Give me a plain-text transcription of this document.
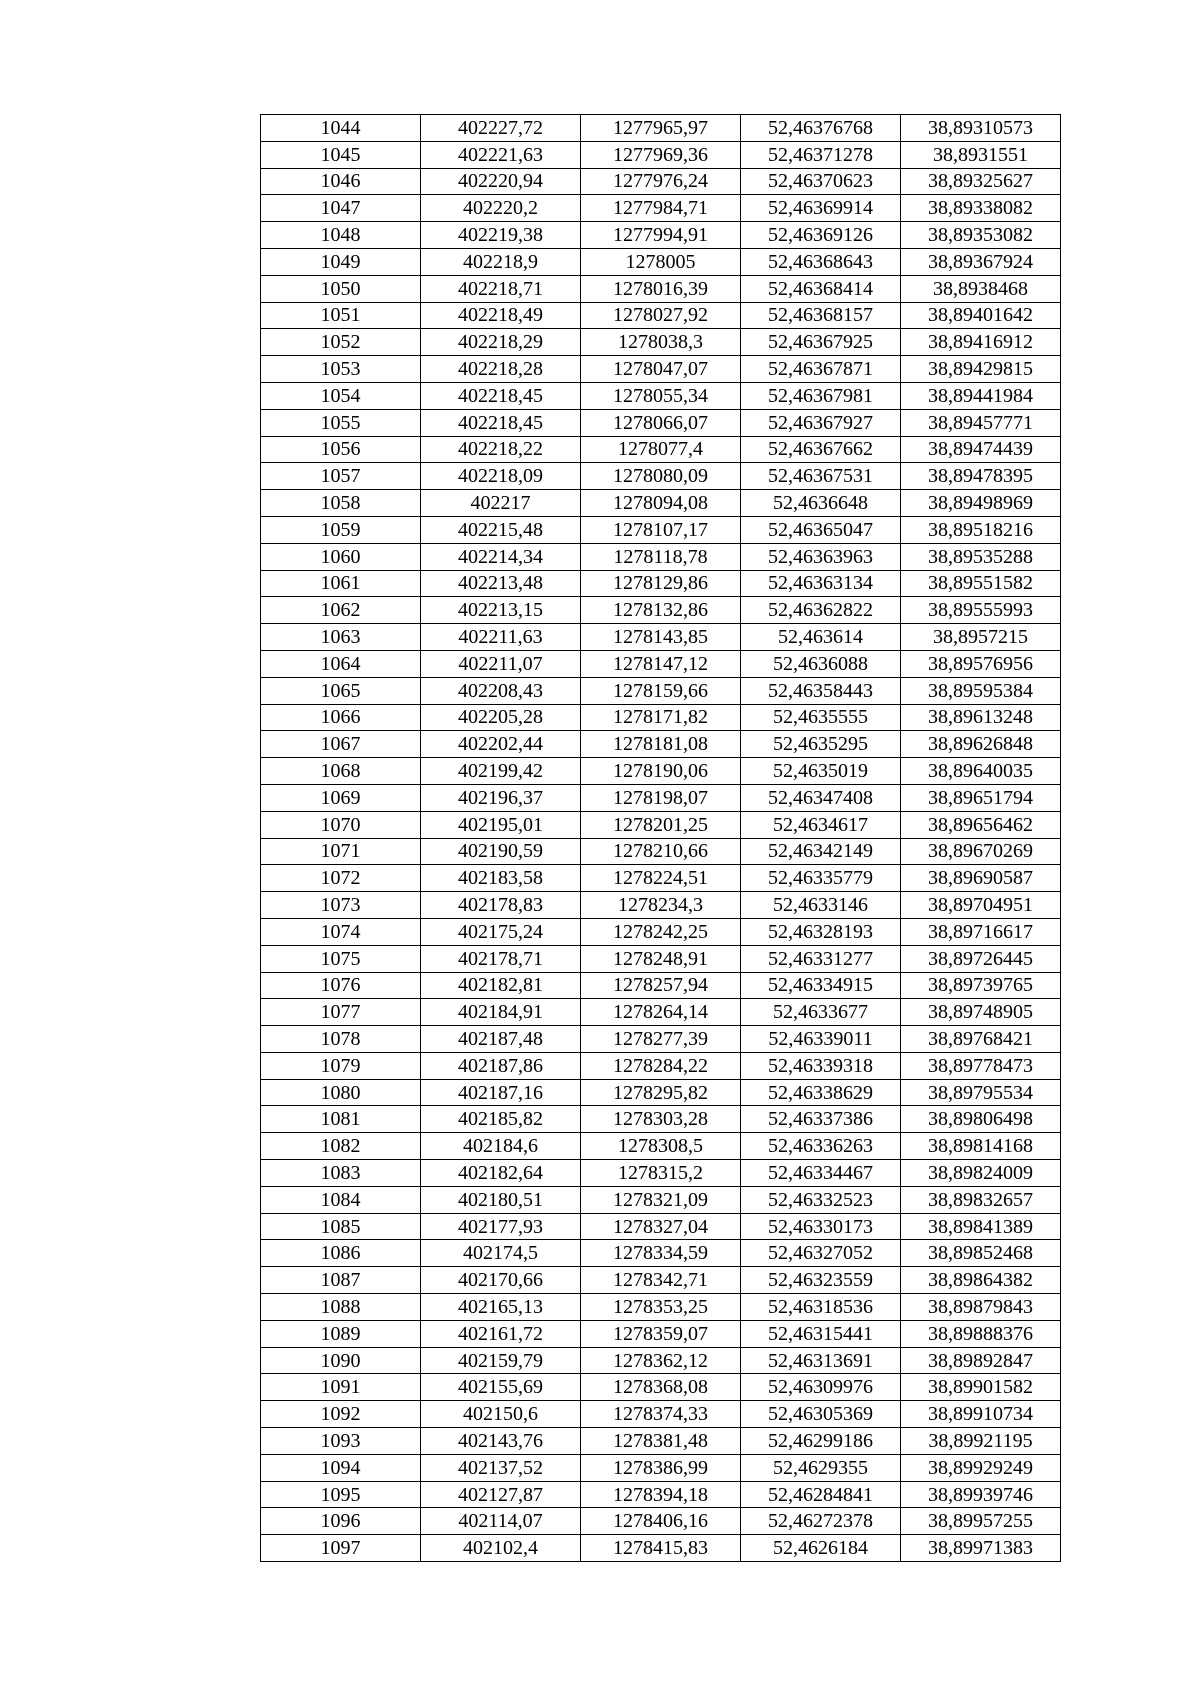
1044	402227,72	1277965,97	52,46376768	38,89310573
1045	402221,63	1277969,36	52,46371278	38,8931551
1046	402220,94	1277976,24	52,46370623	38,89325627
1047	402220,2	1277984,71	52,46369914	38,89338082
1048	402219,38	1277994,91	52,46369126	38,89353082
1049	402218,9	1278005	52,46368643	38,89367924
1050	402218,71	1278016,39	52,46368414	38,8938468
1051	402218,49	1278027,92	52,46368157	38,89401642
1052	402218,29	1278038,3	52,46367925	38,89416912
1053	402218,28	1278047,07	52,46367871	38,89429815
1054	402218,45	1278055,34	52,46367981	38,89441984
1055	402218,45	1278066,07	52,46367927	38,89457771
1056	402218,22	1278077,4	52,46367662	38,89474439
1057	402218,09	1278080,09	52,46367531	38,89478395
1058	402217	1278094,08	52,4636648	38,89498969
1059	402215,48	1278107,17	52,46365047	38,89518216
1060	402214,34	1278118,78	52,46363963	38,89535288
1061	402213,48	1278129,86	52,46363134	38,89551582
1062	402213,15	1278132,86	52,46362822	38,89555993
1063	402211,63	1278143,85	52,463614	38,8957215
1064	402211,07	1278147,12	52,4636088	38,89576956
1065	402208,43	1278159,66	52,46358443	38,89595384
1066	402205,28	1278171,82	52,4635555	38,89613248
1067	402202,44	1278181,08	52,4635295	38,89626848
1068	402199,42	1278190,06	52,4635019	38,89640035
1069	402196,37	1278198,07	52,46347408	38,89651794
1070	402195,01	1278201,25	52,4634617	38,89656462
1071	402190,59	1278210,66	52,46342149	38,89670269
1072	402183,58	1278224,51	52,46335779	38,89690587
1073	402178,83	1278234,3	52,4633146	38,89704951
1074	402175,24	1278242,25	52,46328193	38,89716617
1075	402178,71	1278248,91	52,46331277	38,89726445
1076	402182,81	1278257,94	52,46334915	38,89739765
1077	402184,91	1278264,14	52,4633677	38,89748905
1078	402187,48	1278277,39	52,46339011	38,89768421
1079	402187,86	1278284,22	52,46339318	38,89778473
1080	402187,16	1278295,82	52,46338629	38,89795534
1081	402185,82	1278303,28	52,46337386	38,89806498
1082	402184,6	1278308,5	52,46336263	38,89814168
1083	402182,64	1278315,2	52,46334467	38,89824009
1084	402180,51	1278321,09	52,46332523	38,89832657
1085	402177,93	1278327,04	52,46330173	38,89841389
1086	402174,5	1278334,59	52,46327052	38,89852468
1087	402170,66	1278342,71	52,46323559	38,89864382
1088	402165,13	1278353,25	52,46318536	38,89879843
1089	402161,72	1278359,07	52,46315441	38,89888376
1090	402159,79	1278362,12	52,46313691	38,89892847
1091	402155,69	1278368,08	52,46309976	38,89901582
1092	402150,6	1278374,33	52,46305369	38,89910734
1093	402143,76	1278381,48	52,46299186	38,89921195
1094	402137,52	1278386,99	52,4629355	38,89929249
1095	402127,87	1278394,18	52,46284841	38,89939746
1096	402114,07	1278406,16	52,46272378	38,89957255
1097	402102,4	1278415,83	52,4626184	38,89971383
